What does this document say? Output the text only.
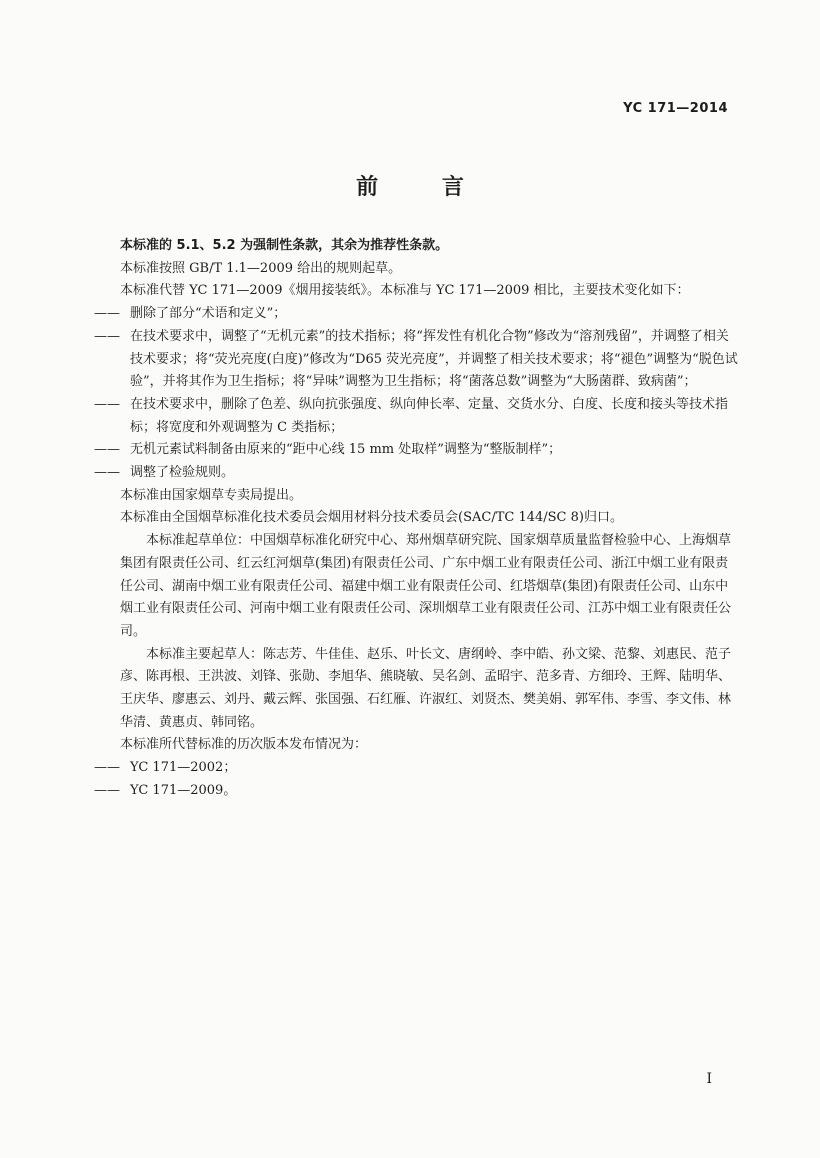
YC 171—2014
前 言

本标准的 5.1、5.2 为强制性条款，其余为推荐性条款。

本标准按照 GB/T 1.1—2009 给出的规则起草。

本标准代替 YC 171—2009《烟用接装纸》。本标准与 YC 171—2009 相比，主要技术变化如下：

—— 删除了部分“术语和定义”；
—— 在技术要求中，调整了“无机元素”的技术指标；将“挥发性有机化合物”修改为“溶剂残留”，并调整了相关技术要求；将“荧光亮度(白度)”修改为“D65 荧光亮度”，并调整了相关技术要求；将“褪色”调整为“脱色试验”，并将其作为卫生指标；将“异味”调整为卫生指标；将“菌落总数”调整为“大肠菌群、致病菌”；
—— 在技术要求中，删除了色差、纵向抗张强度、纵向伸长率、定量、交货水分、白度、长度和接头等技术指标；将宽度和外观调整为 C 类指标；
—— 无机元素试料制备由原来的“距中心线 15 mm 处取样”调整为“整版制样”；
—— 调整了检验规则。

本标准由国家烟草专卖局提出。

本标准由全国烟草标准化技术委员会烟用材料分技术委员会(SAC/TC 144/SC 8)归口。

本标准起草单位：中国烟草标准化研究中心、郑州烟草研究院、国家烟草质量监督检验中心、上海烟草集团有限责任公司、红云红河烟草(集团)有限责任公司、广东中烟工业有限责任公司、浙江中烟工业有限责任公司、湖南中烟工业有限责任公司、福建中烟工业有限责任公司、红塔烟草(集团)有限责任公司、山东中烟工业有限责任公司、河南中烟工业有限责任公司、深圳烟草工业有限责任公司、江苏中烟工业有限责任公司。

本标准主要起草人：陈志芳、牛佳佳、赵乐、叶长文、唐纲岭、李中皓、孙文梁、范黎、刘惠民、范子彦、陈再根、王洪波、刘锋、张勋、李旭华、熊晓敏、吴名剑、孟昭宇、范多青、方细玲、王辉、陆明华、王庆华、廖惠云、刘丹、戴云辉、张国强、石红雁、许淑红、刘贤杰、樊美娟、郭军伟、李雪、李文伟、林华清、黄惠贞、韩同铭。

本标准所代替标准的历次版本发布情况为：

—— YC 171—2002；
—— YC 171—2009。
I
